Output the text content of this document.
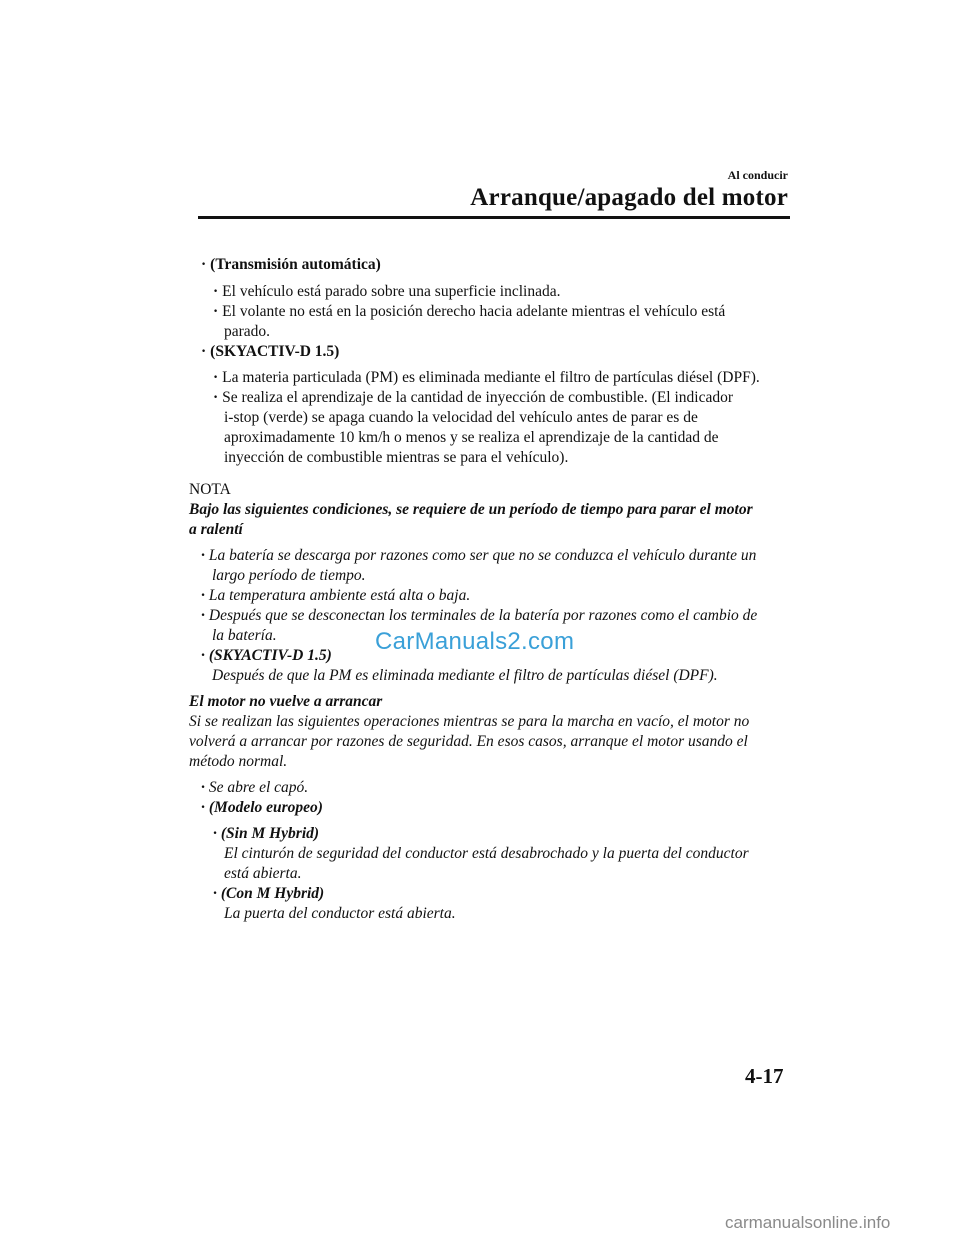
Al conducir
Arranque/apagado del motor
· (Transmisión automática)
· El vehículo está parado sobre una superficie inclinada.
· El volante no está en la posición derecho hacia adelante mientras el vehículo está
parado.
· (SKYACTIV-D 1.5)
· La materia particulada (PM) es eliminada mediante el filtro de partículas diésel (DPF).
· Se realiza el aprendizaje de la cantidad de inyección de combustible. (El indicador
i-stop (verde) se apaga cuando la velocidad del vehículo antes de parar es de
aproximadamente 10 km/h o menos y se realiza el aprendizaje de la cantidad de
inyección de combustible mientras se para el vehículo).
NOTA
Bajo las siguientes condiciones, se requiere de un período de tiempo para parar el motor
a ralentí
· La batería se descarga por razones como ser que no se conduzca el vehículo durante un
largo período de tiempo.
· La temperatura ambiente está alta o baja.
· Después que se desconectan los terminales de la batería por razones como el cambio de
la batería.
· (SKYACTIV-D 1.5)
Después de que la PM es eliminada mediante el filtro de partículas diésel (DPF).
El motor no vuelve a arrancar
Si se realizan las siguientes operaciones mientras se para la marcha en vacío, el motor no
volverá a arrancar por razones de seguridad. En esos casos, arranque el motor usando el
método normal.
· Se abre el capó.
· (Modelo europeo)
· (Sin M Hybrid)
El cinturón de seguridad del conductor está desabrochado y la puerta del conductor
está abierta.
· (Con M Hybrid)
La puerta del conductor está abierta.
CarManuals2.com
4-17
carmanualsonline.info
